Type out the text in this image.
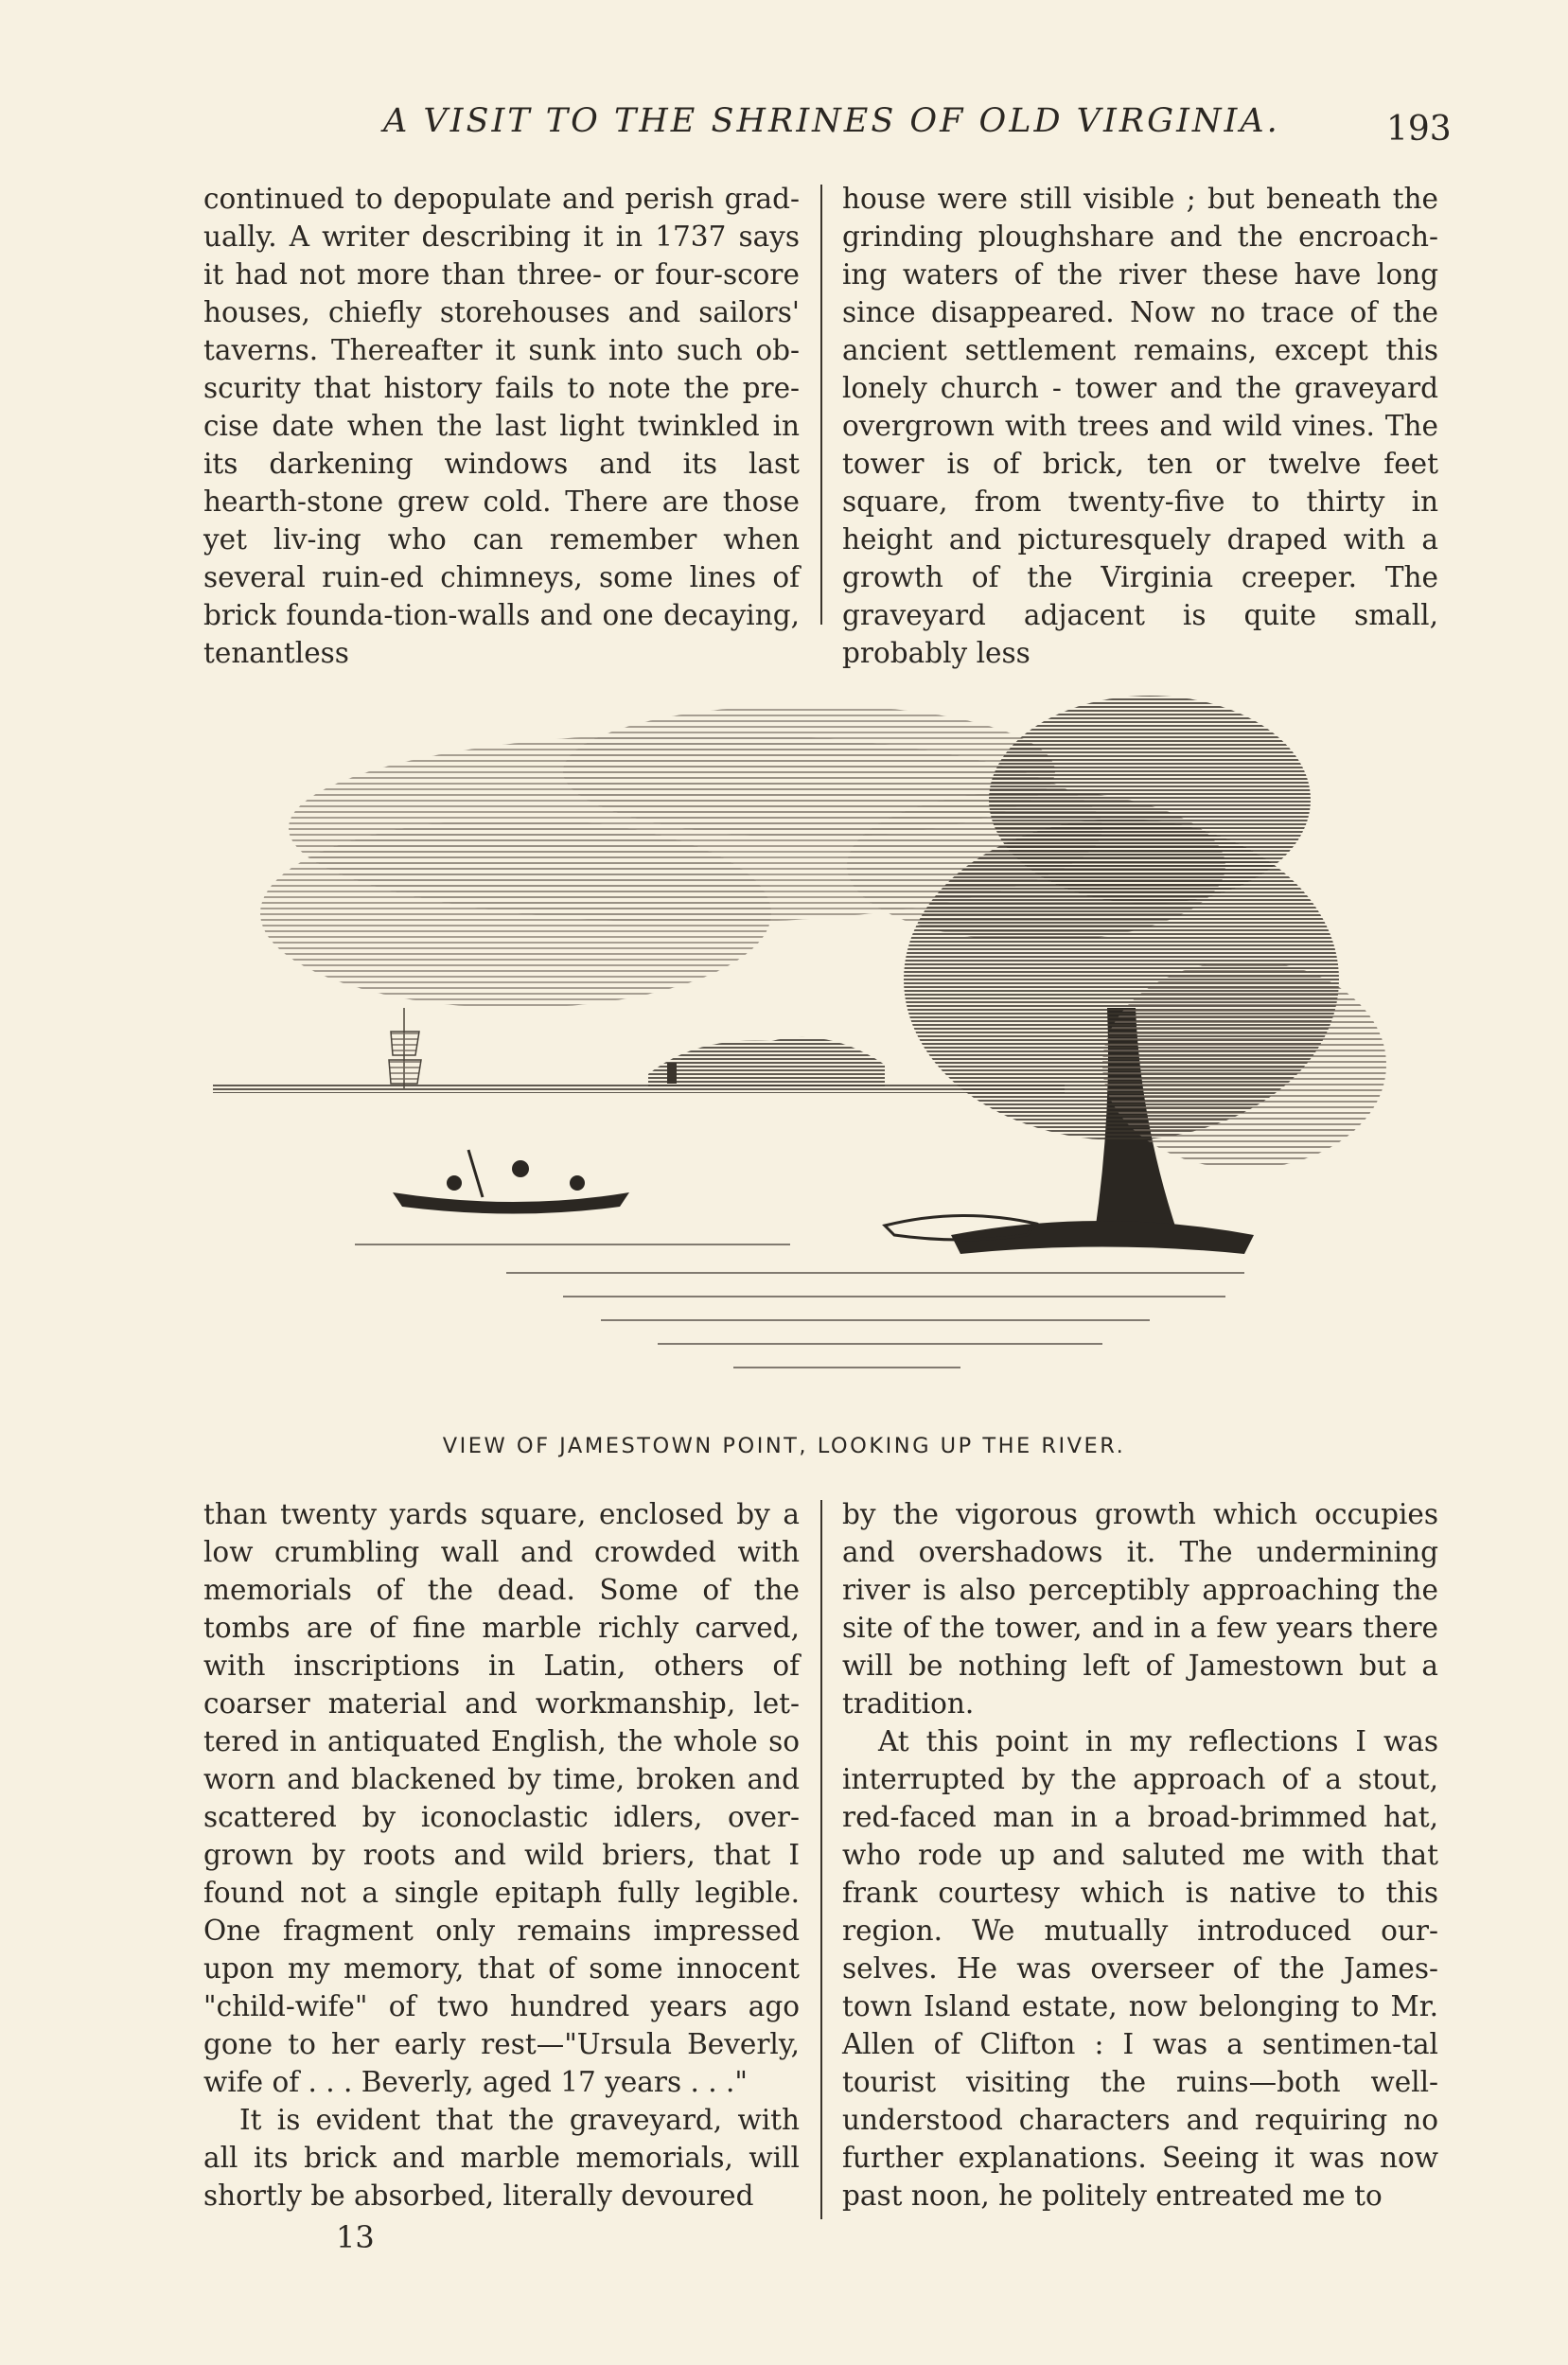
A VISIT TO THE SHRINES OF OLD VIRGINIA.	193

continued to depopulate and perish grad-ually. A writer describing it in 1737 says it had not more than three- or four-score houses, chiefly storehouses and sailors' taverns. Thereafter it sunk into such ob-scurity that history fails to note the pre-cise date when the last light twinkled in its darkening windows and its last hearth-stone grew cold. There are those yet liv-ing who can remember when several ruin-ed chimneys, some lines of brick founda-tion-walls and one decaying, tenantless

house were still visible ; but beneath the grinding ploughshare and the encroach-ing waters of the river these have long since disappeared. Now no trace of the ancient settlement remains, except this lonely church - tower and the graveyard overgrown with trees and wild vines. The tower is of brick, ten or twelve feet square, from twenty-five to thirty in height and picturesquely draped with a growth of the Virginia creeper. The graveyard adjacent is quite small, probably less

VIEW OF JAMESTOWN POINT, LOOKING UP THE RIVER.

than twenty yards square, enclosed by a low crumbling wall and crowded with memorials of the dead. Some of the tombs are of fine marble richly carved, with inscriptions in Latin, others of coarser material and workmanship, let-tered in antiquated English, the whole so worn and blackened by time, broken and scattered by iconoclastic idlers, over-grown by roots and wild briers, that I found not a single epitaph fully legible. One fragment only remains impressed upon my memory, that of some innocent "child-wife" of two hundred years ago gone to her early rest—"Ursula Beverly, wife of . . . Beverly, aged 17 years . . ."

It is evident that the graveyard, with all its brick and marble memorials, will shortly be absorbed, literally devoured

by the vigorous growth which occupies and overshadows it. The undermining river is also perceptibly approaching the site of the tower, and in a few years there will be nothing left of Jamestown but a tradition.

At this point in my reflections I was interrupted by the approach of a stout, red-faced man in a broad-brimmed hat, who rode up and saluted me with that frank courtesy which is native to this region. We mutually introduced our-selves. He was overseer of the James-town Island estate, now belonging to Mr. Allen of Clifton : I was a sentimen-tal tourist visiting the ruins—both well-understood characters and requiring no further explanations. Seeing it was now past noon, he politely entreated me to

13
